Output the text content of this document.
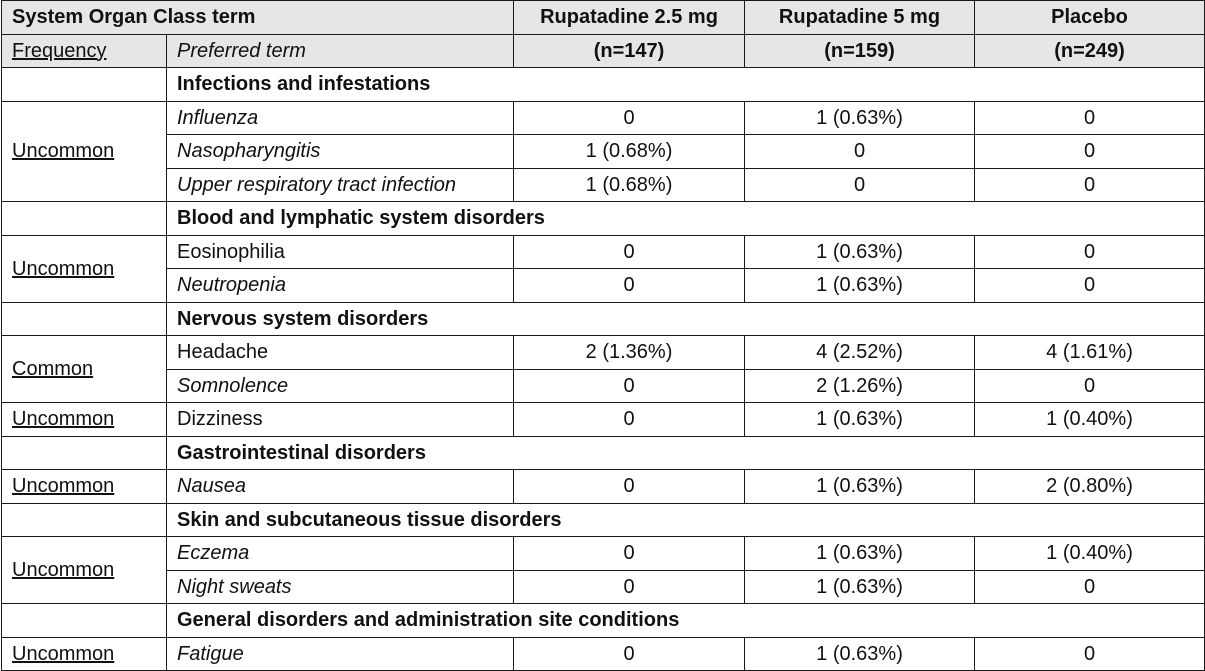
System Organ Class term		Rupatadine 2.5 mg	Rupatadine 5 mg	Placebo
Frequency	Preferred term	(n=147)	(n=159)	(n=249)
	Infections and infestations			
Uncommon	Influenza	0	1 (0.63%)	0
	Nasopharyngitis	1 (0.68%)	0	0
	Upper respiratory tract infection	1 (0.68%)	0	0
	Blood and lymphatic system disorders			
Uncommon	Eosinophilia	0	1 (0.63%)	0
	Neutropenia	0	1 (0.63%)	0
	Nervous system disorders			
Common	Headache	2 (1.36%)	4 (2.52%)	4 (1.61%)
	Somnolence	0	2 (1.26%)	0
Uncommon	Dizziness	0	1 (0.63%)	1 (0.40%)
	Gastrointestinal disorders			
Uncommon	Nausea	0	1 (0.63%)	2 (0.80%)
	Skin and subcutaneous tissue disorders			
Uncommon	Eczema	0	1 (0.63%)	1 (0.40%)
	Night sweats	0	1 (0.63%)	0
	General disorders and administration site conditions			
Uncommon	Fatigue	0	1 (0.63%)	0
